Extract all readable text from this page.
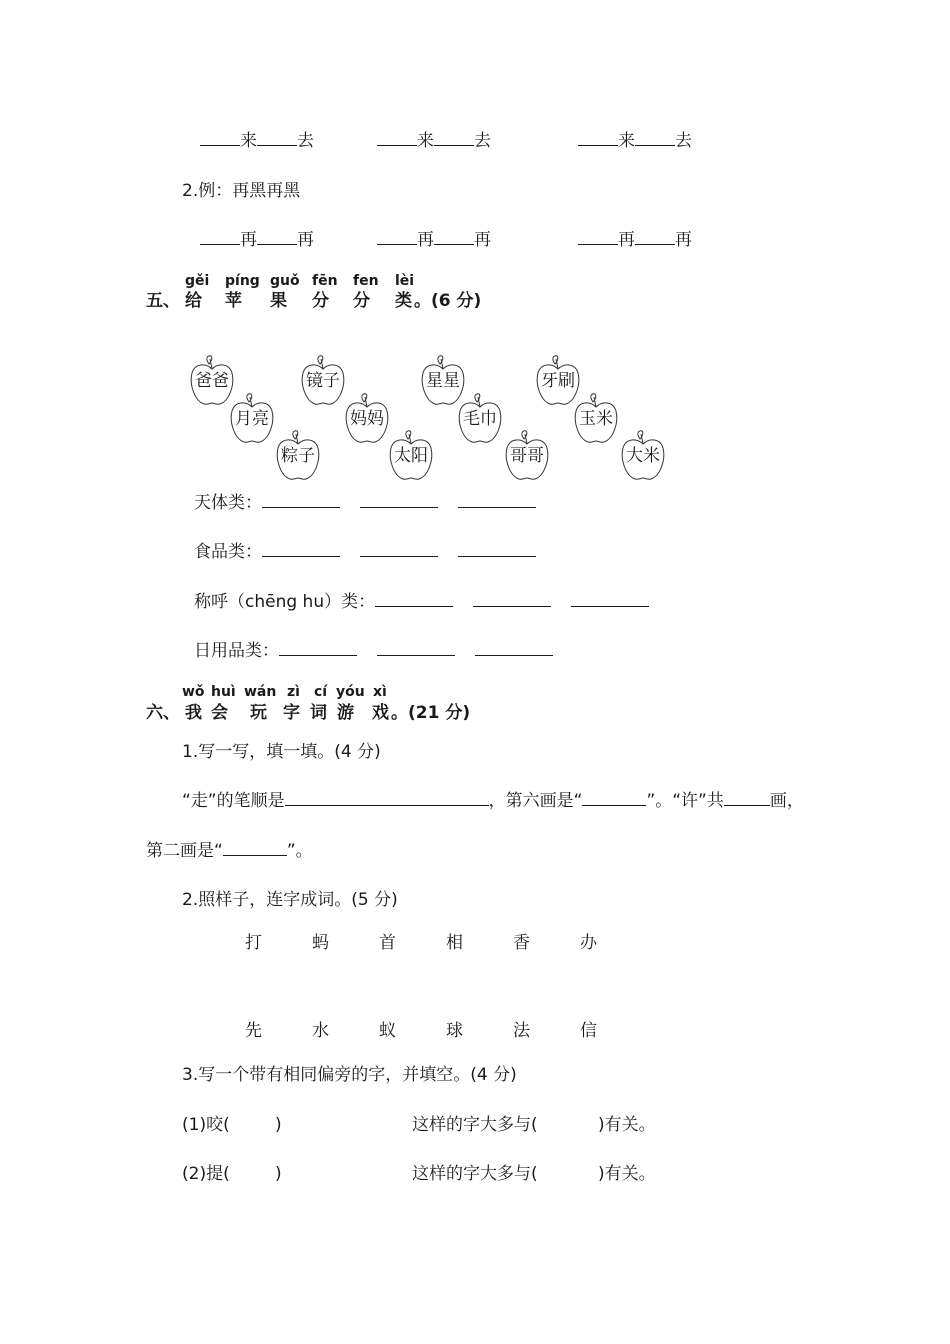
来 去	来 去	来 去
2.例：再黑再黑
再 再	再 再	再 再
五、
gěi
给
píng
苹
guǒ
果
fēn
分
fen
分
lèi
类 。(6 分)
爸爸	镜子	星星	牙刷
月亮	妈妈	毛巾	玉米
粽子	太阳	哥哥	大米
天体类：
食品类：
称呼（chēng hu）类：
日用品类：
六、
wǒ
我
huì
会
wán
玩
zì
字
cí
词
yóu
游
xì
戏 。(21 分)
1.写一写，填一填。(4 分)
“走”的笔顺是	，第六画是“	”。“许”共	画，
第二画是“	”。
2.照样子，连字成词。(5 分)
打	蚂	首	相	香	办
先	水	蚁	球	法	信
3.写一个带有相同偏旁的字，并填空。(4 分)
(1)咬(	)	这样的字大多与(	)有关。
(2)提(	)	这样的字大多与(	)有关。
